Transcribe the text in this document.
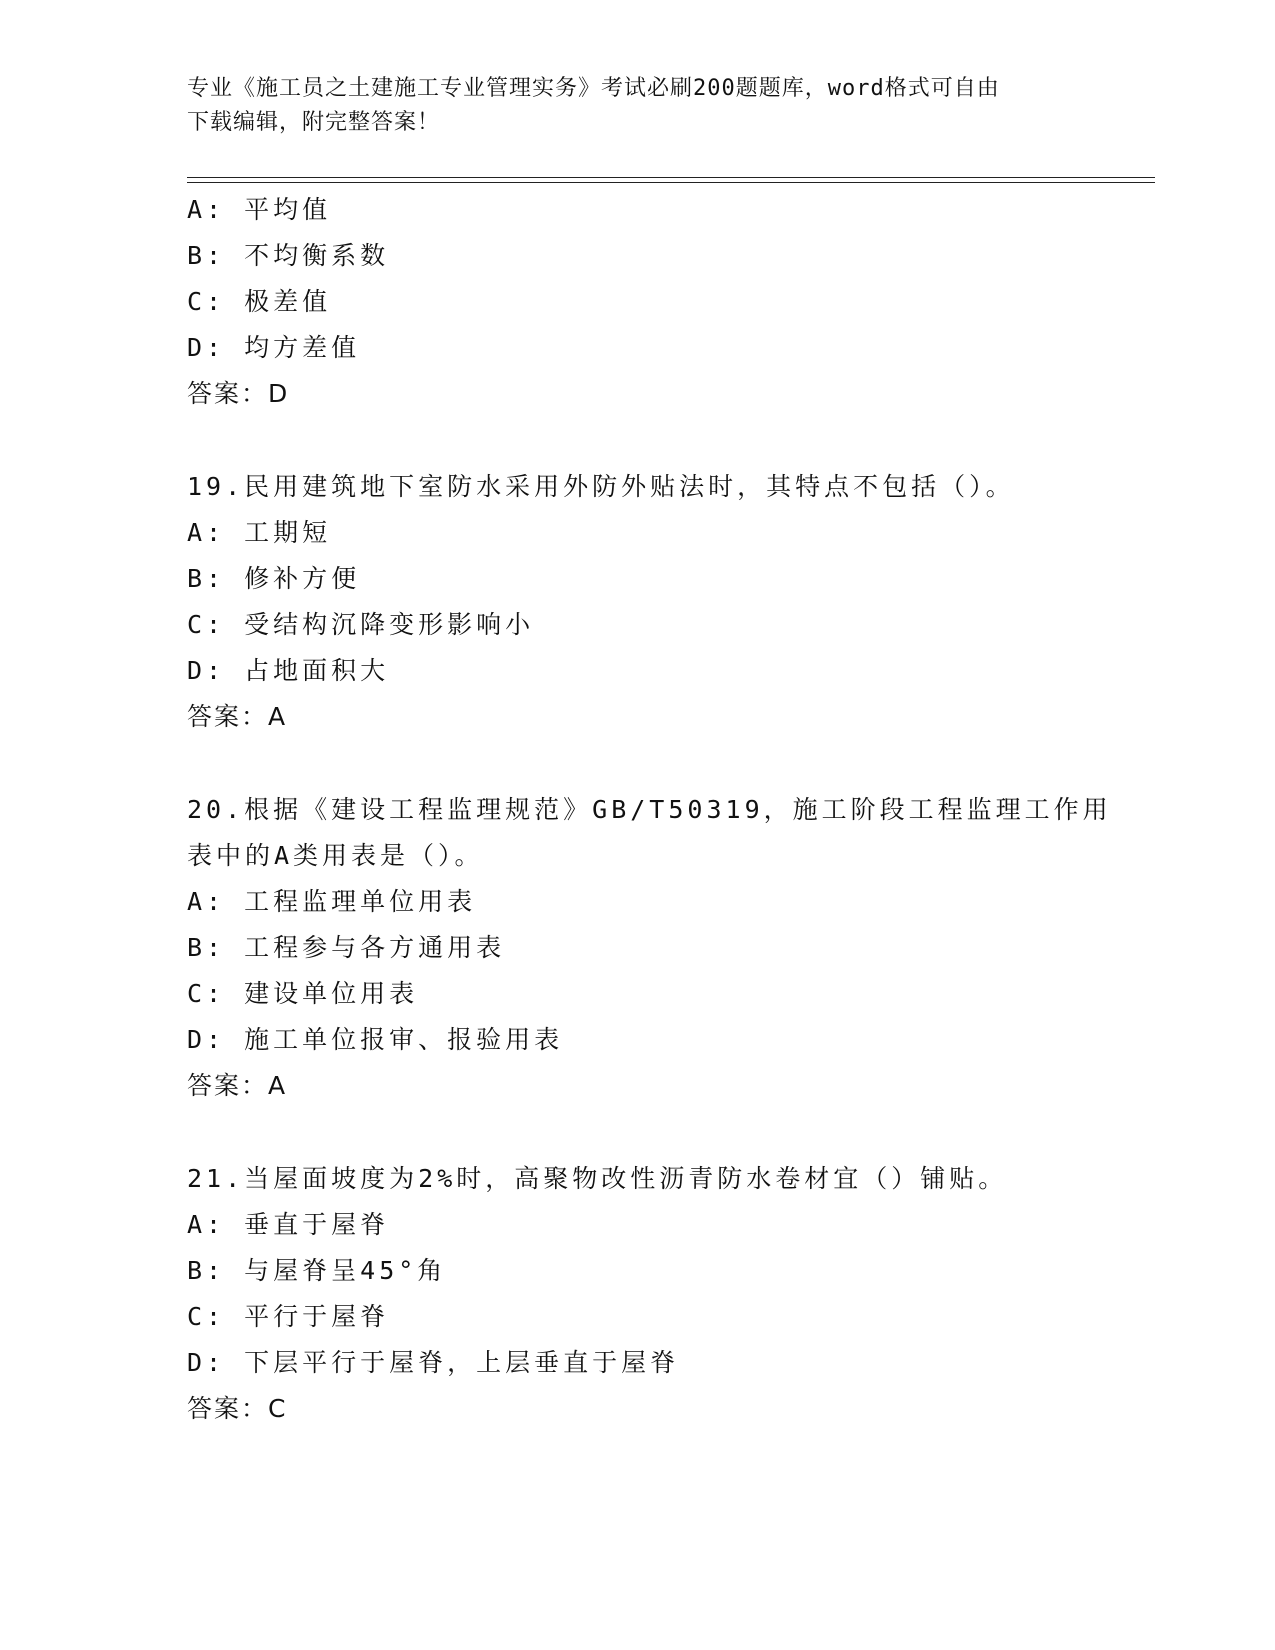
专业《施工员之土建施工专业管理实务》考试必刷200题题库，word格式可自由
下载编辑，附完整答案！
A: 平均值
B: 不均衡系数
C: 极差值
D: 均方差值
答案：D
19.民用建筑地下室防水采用外防外贴法时，其特点不包括（）。
A: 工期短
B: 修补方便
C: 受结构沉降变形影响小
D: 占地面积大
答案：A
20.根据《建设工程监理规范》GB/T50319，施工阶段工程监理工作用
表中的A类用表是（）。
A: 工程监理单位用表
B: 工程参与各方通用表
C: 建设单位用表
D: 施工单位报审、报验用表
答案：A
21.当屋面坡度为2%时，高聚物改性沥青防水卷材宜（）铺贴。
A: 垂直于屋脊
B: 与屋脊呈45°角
C: 平行于屋脊
D: 下层平行于屋脊，上层垂直于屋脊
答案：C
